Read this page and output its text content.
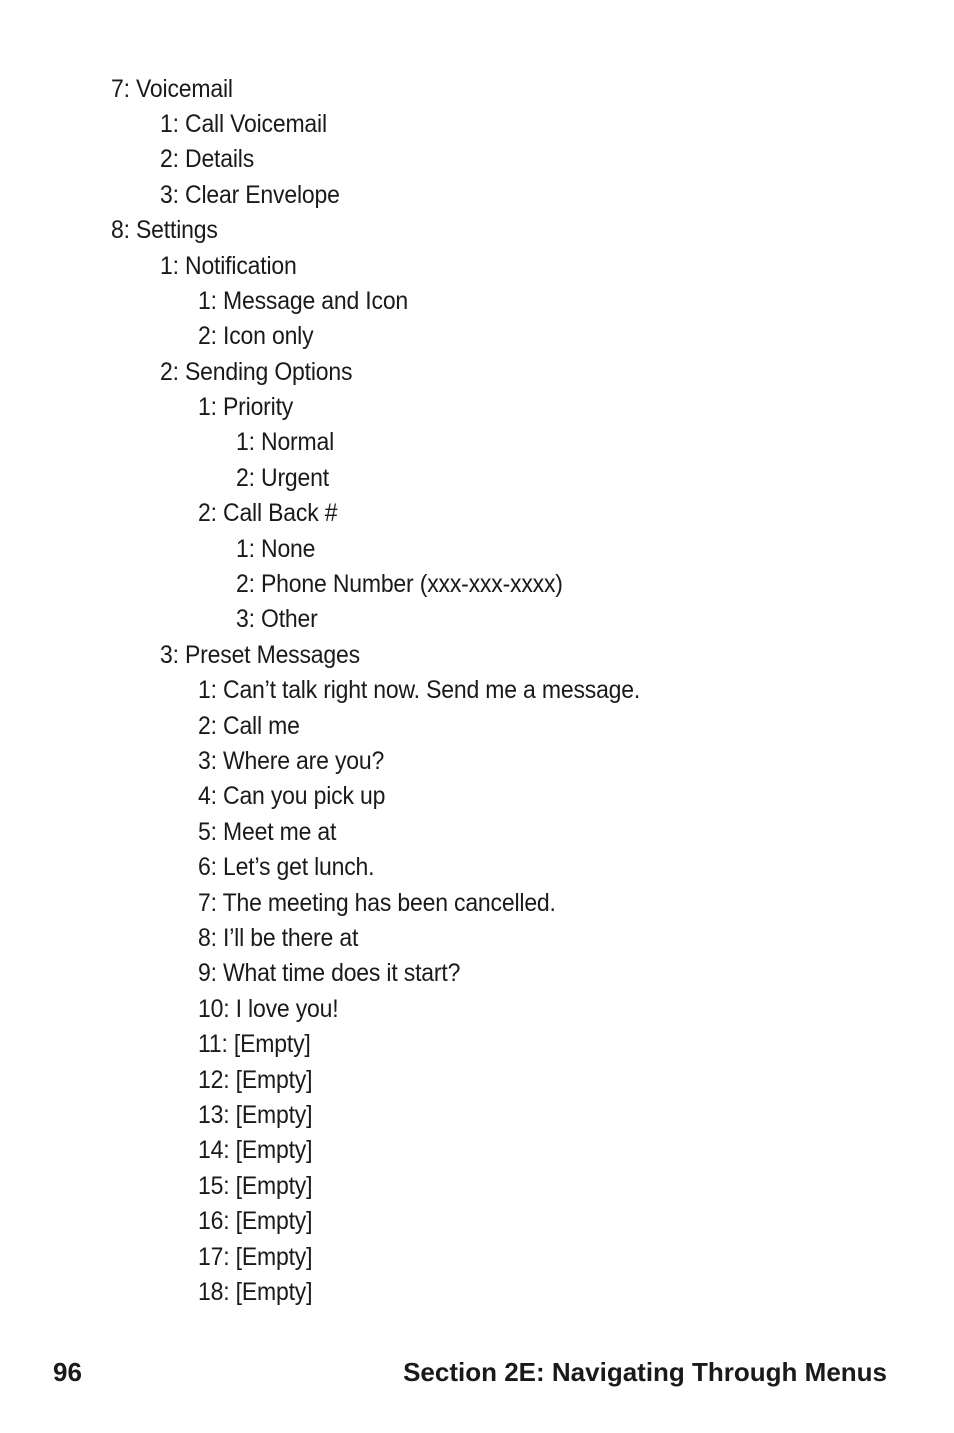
7: Voicemail
1: Call Voicemail
2: Details
3: Clear Envelope
8: Settings
1: Notification
1: Message and Icon
2: Icon only
2: Sending Options
1: Priority
1: Normal
2: Urgent
2: Call Back #
1: None
2: Phone Number (xxx-xxx-xxxx)
3: Other
3: Preset Messages
1: Can’t talk right now. Send me a message.
2: Call me
3: Where are you?
4: Can you pick up
5: Meet me at
6: Let’s get lunch.
7: The meeting has been cancelled.
8: I’ll be there at
9: What time does it start?
10: I love you!
11: [Empty]
12: [Empty]
13: [Empty]
14: [Empty]
15: [Empty]
16: [Empty]
17: [Empty]
18: [Empty]
96	Section 2E: Navigating Through Menus
